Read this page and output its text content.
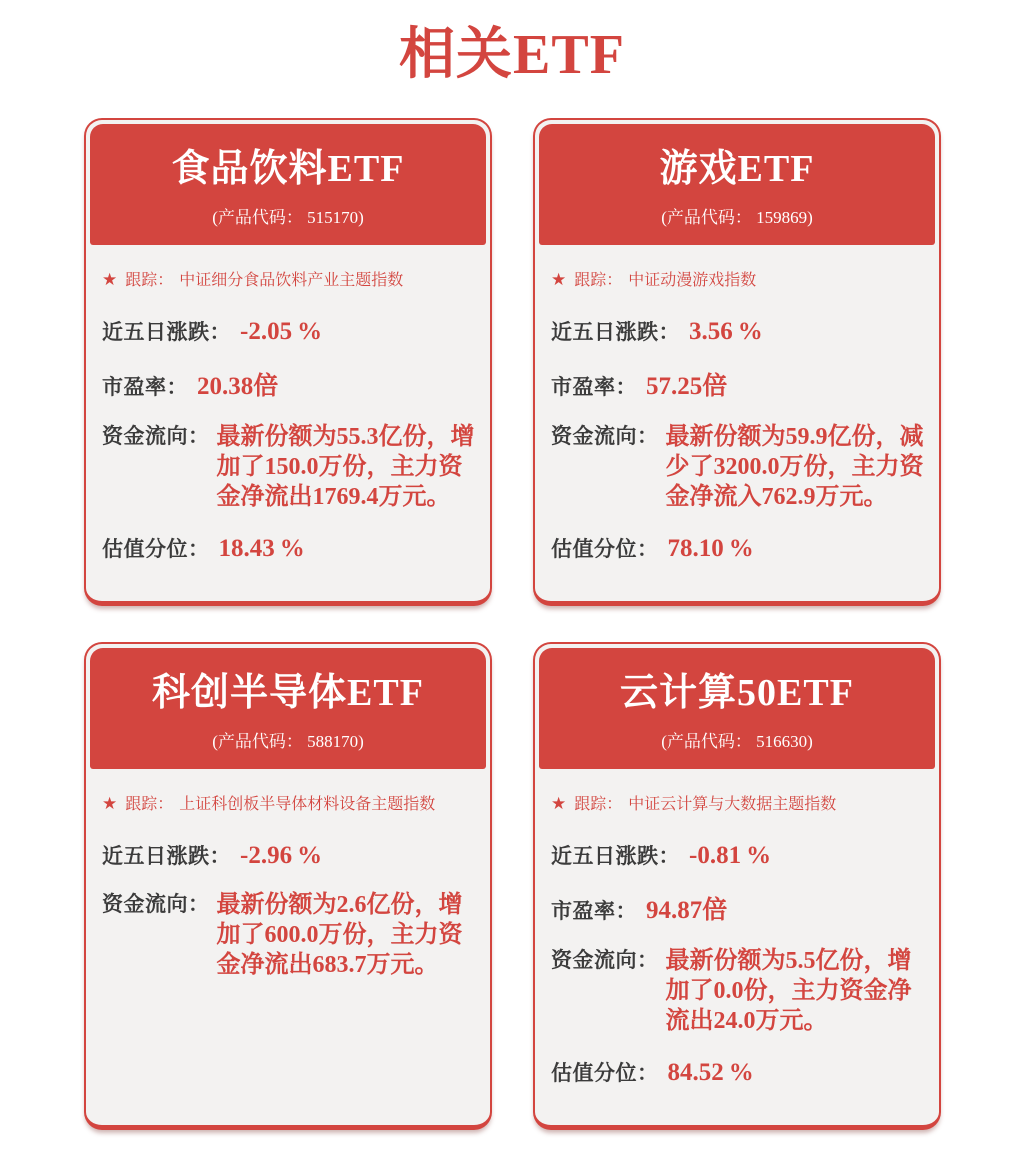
相关ETF
食品饮料ETF
(产品代码： 515170)
★ 跟踪： 中证细分食品饮料产业主题指数
近五日涨跌： -2.05 %
市盈率： 20.38倍
资金流向： 最新份额为55.3亿份，增加了150.0万份，主力资金净流出1769.4万元。
估值分位： 18.43 %
游戏ETF
(产品代码： 159869)
★ 跟踪： 中证动漫游戏指数
近五日涨跌： 3.56 %
市盈率： 57.25倍
资金流向： 最新份额为59.9亿份，减少了3200.0万份，主力资金净流入762.9万元。
估值分位： 78.10 %
科创半导体ETF
(产品代码： 588170)
★ 跟踪： 上证科创板半导体材料设备主题指数
近五日涨跌： -2.96 %
资金流向： 最新份额为2.6亿份，增加了600.0万份，主力资金净流出683.7万元。
云计算50ETF
(产品代码： 516630)
★ 跟踪： 中证云计算与大数据主题指数
近五日涨跌： -0.81 %
市盈率： 94.87倍
资金流向： 最新份额为5.5亿份，增加了0.0份，主力资金净流出24.0万元。
估值分位： 84.52 %
